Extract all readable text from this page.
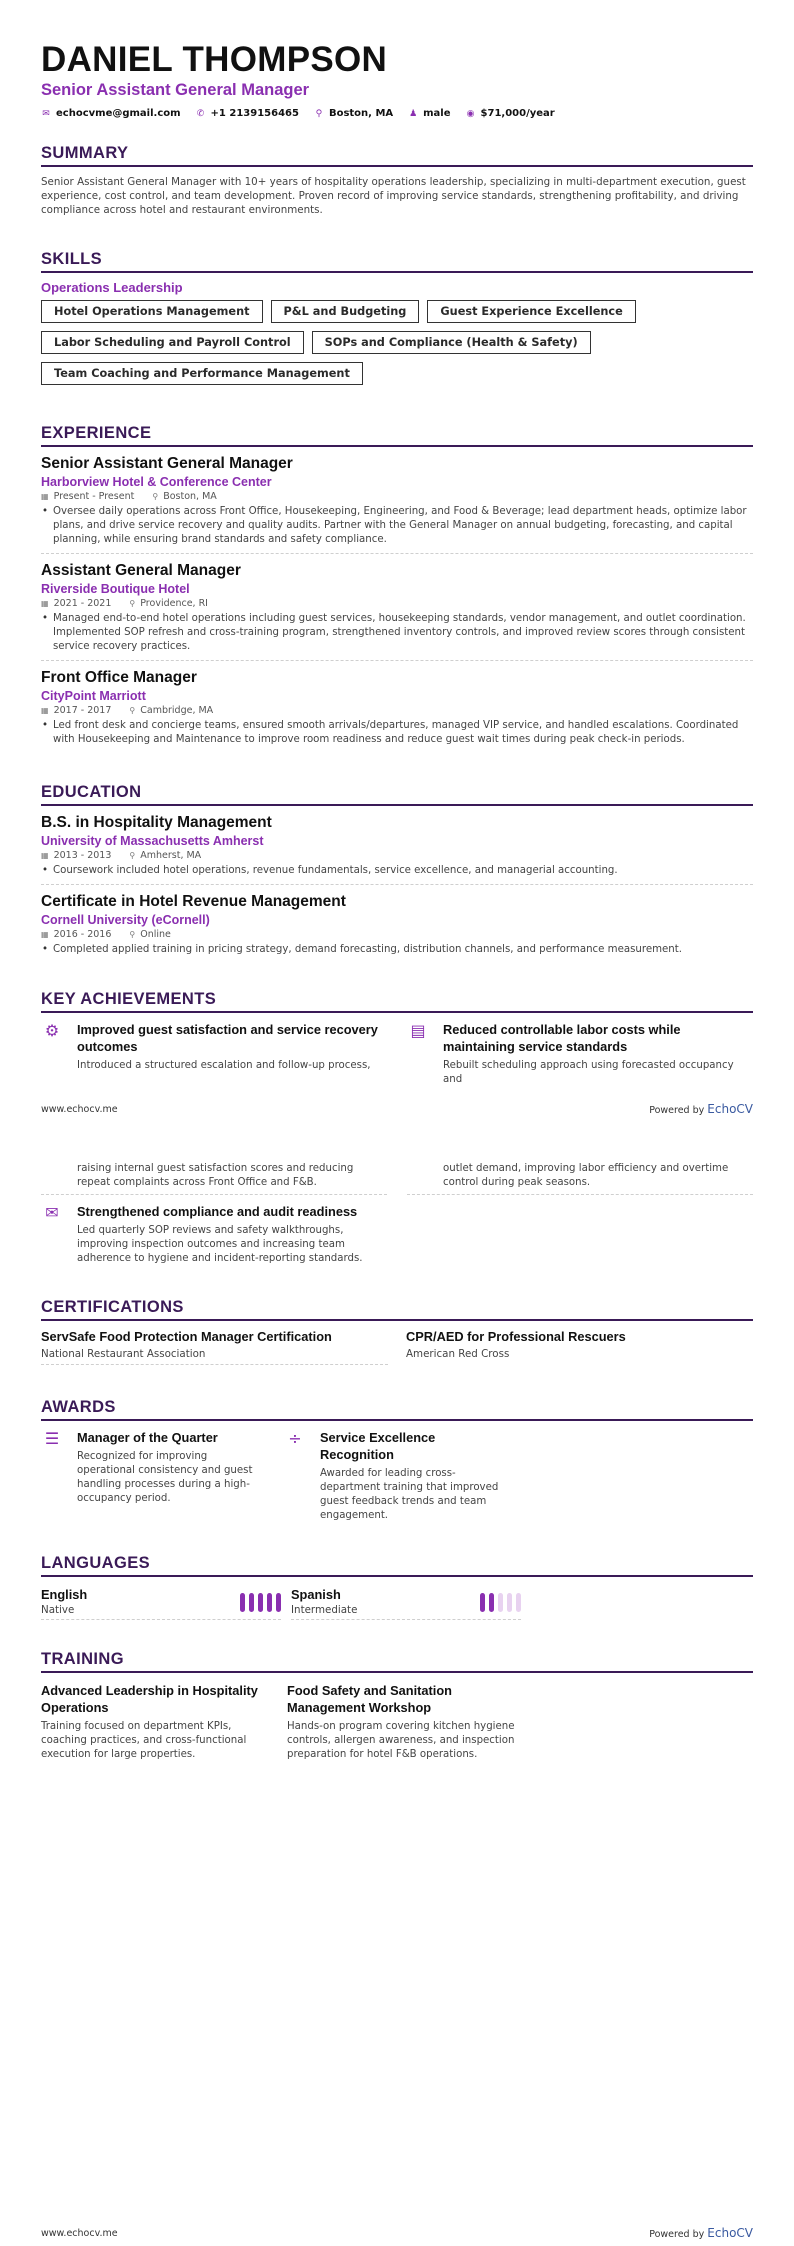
DANIEL THOMPSON
Senior Assistant General Manager
✉ echocvme@gmail.com ✆ +1 2139156465 ⚲ Boston, MA ♟ male ◉ $71,000/year
SUMMARY
Senior Assistant General Manager with 10+ years of hospitality operations leadership, specializing in multi-department execution, guest experience, cost control, and team development. Proven record of improving service standards, strengthening profitability, and driving compliance across hotel and restaurant environments.
SKILLS
Operations Leadership
Hotel Operations Management	P&L and Budgeting	Guest Experience Excellence
Labor Scheduling and Payroll Control	SOPs and Compliance (Health & Safety)
Team Coaching and Performance Management
EXPERIENCE
Senior Assistant General Manager
Harborview Hotel & Conference Center
▦ Present - Present ⚲ Boston, MA
• Oversee daily operations across Front Office, Housekeeping, Engineering, and Food & Beverage; lead department heads, optimize labor plans, and drive service recovery and quality audits. Partner with the General Manager on annual budgeting, forecasting, and capital planning, while ensuring brand standards and safety compliance.
Assistant General Manager
Riverside Boutique Hotel
▦ 2021 - 2021 ⚲ Providence, RI
• Managed end-to-end hotel operations including guest services, housekeeping standards, vendor management, and outlet coordination. Implemented SOP refresh and cross-training program, strengthened inventory controls, and improved review scores through consistent service recovery practices.
Front Office Manager
CityPoint Marriott
▦ 2017 - 2017 ⚲ Cambridge, MA
• Led front desk and concierge teams, ensured smooth arrivals/departures, managed VIP service, and handled escalations. Coordinated with Housekeeping and Maintenance to improve room readiness and reduce guest wait times during peak check-in periods.
EDUCATION
B.S. in Hospitality Management
University of Massachusetts Amherst
▦ 2013 - 2013 ⚲ Amherst, MA
• Coursework included hotel operations, revenue fundamentals, service excellence, and managerial accounting.
Certificate in Hotel Revenue Management
Cornell University (eCornell)
▦ 2016 - 2016 ⚲ Online
• Completed applied training in pricing strategy, demand forecasting, distribution channels, and performance measurement.
KEY ACHIEVEMENTS
⚙ Improved guest satisfaction and service recovery outcomes
Introduced a structured escalation and follow-up process,
▤ Reduced controllable labor costs while maintaining service standards
Rebuilt scheduling approach using forecasted occupancy and
www.echocv.me	Powered by EchoCV
raising internal guest satisfaction scores and reducing repeat complaints across Front Office and F&B.
outlet demand, improving labor efficiency and overtime control during peak seasons.
✉	Strengthened compliance and audit readiness
Led quarterly SOP reviews and safety walkthroughs, improving inspection outcomes and increasing team adherence to hygiene and incident-reporting standards.
CERTIFICATIONS
ServSafe Food Protection Manager Certification
National Restaurant Association
CPR/AED for Professional Rescuers
American Red Cross
AWARDS
☰ Manager of the Quarter
Recognized for improving operational consistency and guest handling processes during a high-occupancy period.
÷	Service Excellence Recognition
Awarded for leading cross-department training that improved guest feedback trends and team engagement.
LANGUAGES
English
Native
Spanish
Intermediate
TRAINING
Advanced Leadership in Hospitality Operations
Training focused on department KPIs, coaching practices, and cross-functional execution for large properties.
Food Safety and Sanitation Management Workshop
Hands-on program covering kitchen hygiene controls, allergen awareness, and inspection preparation for hotel F&B operations.
www.echocv.me	Powered by EchoCV
